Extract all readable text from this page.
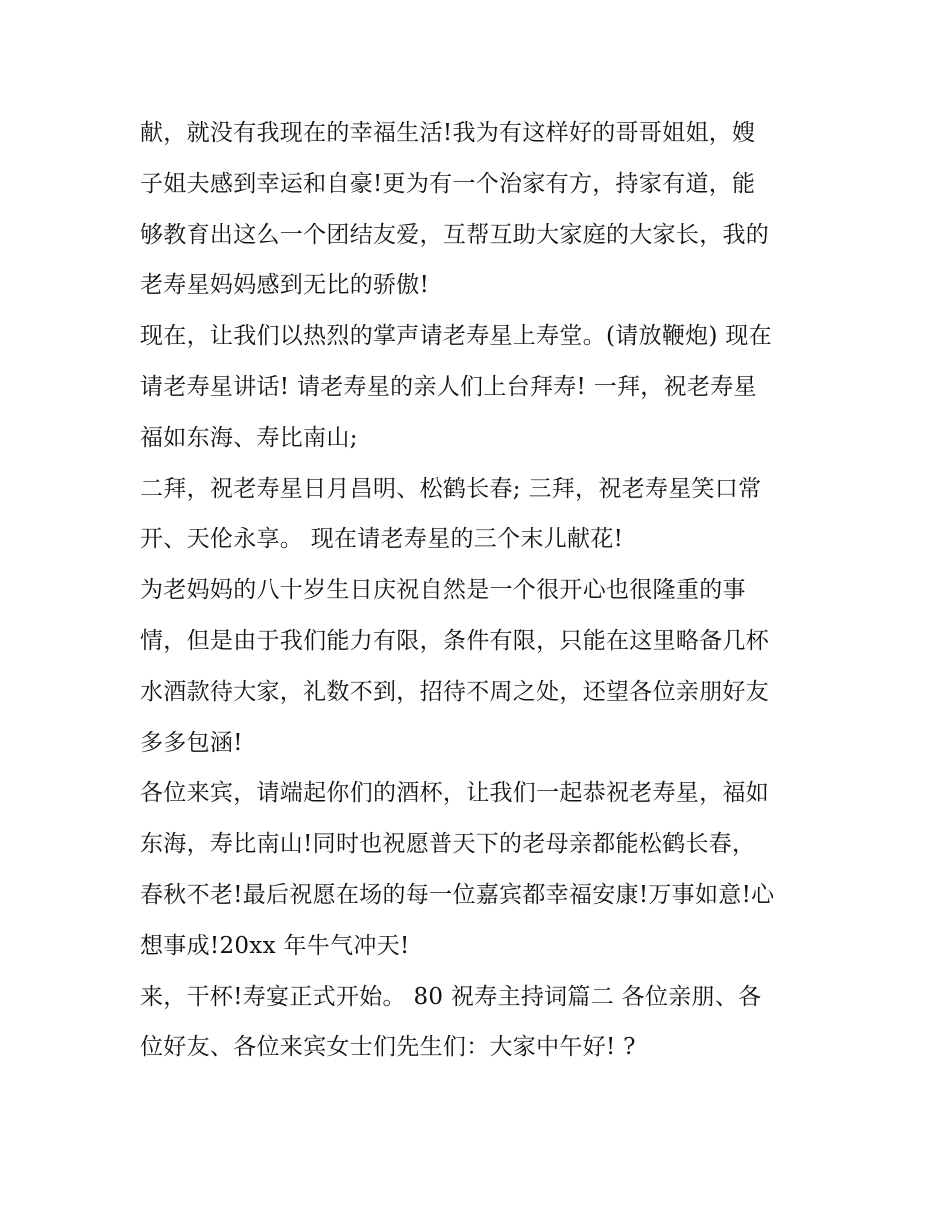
献，就没有我现在的幸福生活!我为有这样好的哥哥姐姐，嫂
子姐夫感到幸运和自豪!更为有一个治家有方，持家有道，能
够教育出这么一个团结友爱，互帮互助大家庭的大家长，我的
老寿星妈妈感到无比的骄傲!
现在，让我们以热烈的掌声请老寿星上寿堂。(请放鞭炮) 现在
请老寿星讲话! 请老寿星的亲人们上台拜寿! 一拜，祝老寿星
福如东海、寿比南山;
二拜，祝老寿星日月昌明、松鹤长春; 三拜，祝老寿星笑口常
开、天伦永享。 现在请老寿星的三个末儿献花!
为老妈妈的八十岁生日庆祝自然是一个很开心也很隆重的事
情，但是由于我们能力有限，条件有限，只能在这里略备几杯
水酒款待大家，礼数不到，招待不周之处，还望各位亲朋好友
多多包涵!
各位来宾，请端起你们的酒杯，让我们一起恭祝老寿星，福如
东海，寿比南山!同时也祝愿普天下的老母亲都能松鹤长春，
春秋不老!最后祝愿在场的每一位嘉宾都幸福安康!万事如意!心
想事成!20xx 年牛气冲天!
来，干杯!寿宴正式开始。 80 祝寿主持词篇二 各位亲朋、各
位好友、各位来宾女士们先生们：大家中午好! ?
